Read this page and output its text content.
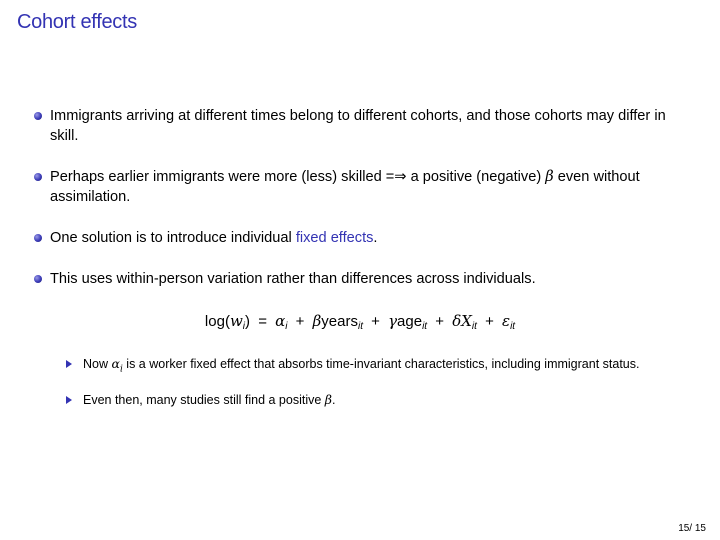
Cohort effects
Immigrants arriving at different times belong to different cohorts, and those cohorts may differ in skill.
Perhaps earlier immigrants were more (less) skilled =⇒ a positive (negative) β even without assimilation.
One solution is to introduce individual fixed effects.
This uses within-person variation rather than differences across individuals.
$\log(w_i) = \alpha_i$ + βyears$_{it}$ + $\gamma age_{it} + \delta X_{it} + \varepsilon_{it}$
Now $\alpha_i$ is a worker fixed effect that absorbs time-invariant characteristics, including immigrant status.
Even then, many studies still find a positive β.
15/ 15
